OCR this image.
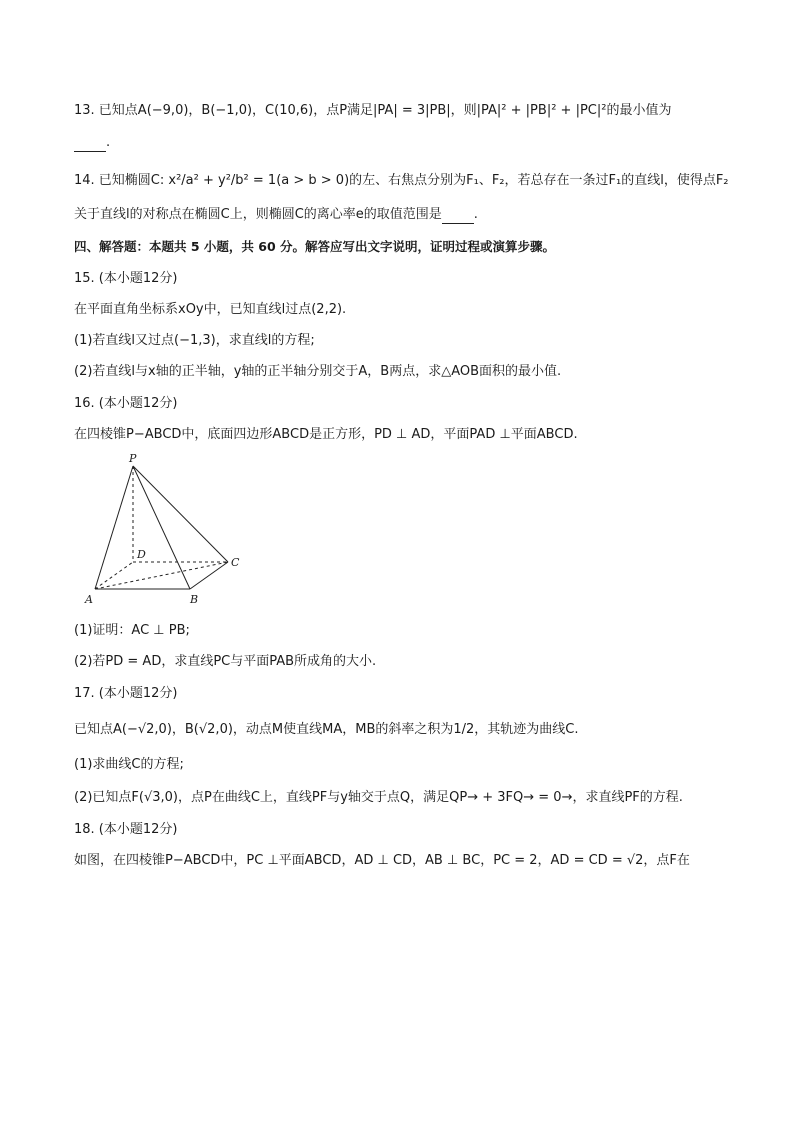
13. 已知点A(−9,0)，B(−1,0)，C(10,6)，点P满足|PA| = 3|PB|，则|PA|² + |PB|² + |PC|²的最小值为
.
14. 已知椭圆C: x²/a² + y²/b² = 1(a > b > 0)的左、右焦点分别为F₁、F₂，若总存在一条过F₁的直线l，使得点F₂
关于直线l的对称点在椭圆C上，则椭圆C的离心率e的取值范围是 .
四、解答题：本题共 5 小题，共 60 分。解答应写出文字说明，证明过程或演算步骤。
15. (本小题12分)
在平面直角坐标系xOy中，已知直线l过点(2,2).
(1)若直线l又过点(−1,3)，求直线l的方程;
(2)若直线l与x轴的正半轴，y轴的正半轴分别交于A，B两点，求△AOB面积的最小值.
16. (本小题12分)
在四棱锥P−ABCD中，底面四边形ABCD是正方形，PD ⊥ AD，平面PAD ⊥平面ABCD.
P
D
C
A	B
(1)证明：AC ⊥ PB;
(2)若PD = AD，求直线PC与平面PAB所成角的大小.
17. (本小题12分)
已知点A(−√2,0)，B(√2,0)，动点M使直线MA，MB的斜率之积为1/2，其轨迹为曲线C.
(1)求曲线C的方程;
(2)已知点F(√3,0)，点P在曲线C上，直线PF与y轴交于点Q，满足QP→ + 3FQ→ = 0→，求直线PF的方程.
18. (本小题12分)
如图，在四棱锥P−ABCD中，PC ⊥平面ABCD，AD ⊥ CD，AB ⊥ BC，PC = 2，AD = CD = √2，点F在
